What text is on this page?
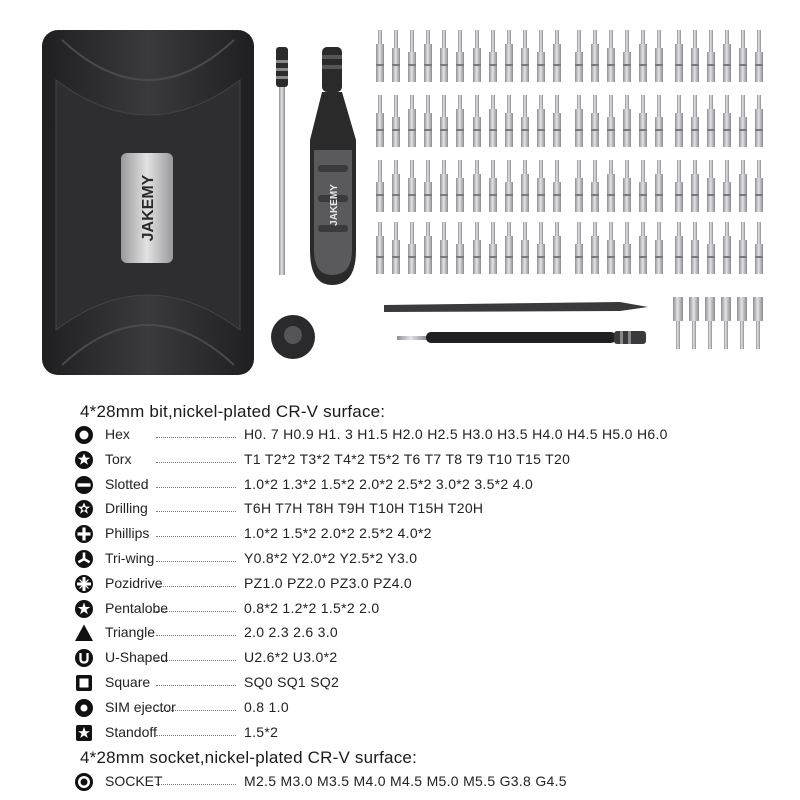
JAKEMY	JAKEMY
4*28mm bit,nickel-plated CR-V surface:
Hex	H0. 7 H0.9 H1. 3 H1.5 H2.0 H2.5 H3.0 H3.5 H4.0 H4.5 H5.0 H6.0
Torx	T1 T2*2 T3*2 T4*2 T5*2 T6 T7 T8 T9 T10 T15 T20
Slotted	1.0*2 1.3*2 1.5*2 2.0*2 2.5*2 3.0*2 3.5*2 4.0
Drilling	T6H T7H T8H T9H T10H T15H T20H
Phillips	1.0*2 1.5*2 2.0*2 2.5*2 4.0*2
Tri-wing	Y0.8*2 Y2.0*2 Y2.5*2 Y3.0
Pozidrive	PZ1.0 PZ2.0 PZ3.0 PZ4.0
Pentalobe	0.8*2 1.2*2 1.5*2 2.0
Triangle	2.0 2.3 2.6 3.0
U-Shaped	U2.6*2 U3.0*2
Square	SQ0 SQ1 SQ2
SIM ejector	0.8 1.0
Standoff	1.5*2
4*28mm socket,nickel-plated CR-V surface:
SOCKET	M2.5 M3.0 M3.5 M4.0 M4.5 M5.0 M5.5 G3.8 G4.5
